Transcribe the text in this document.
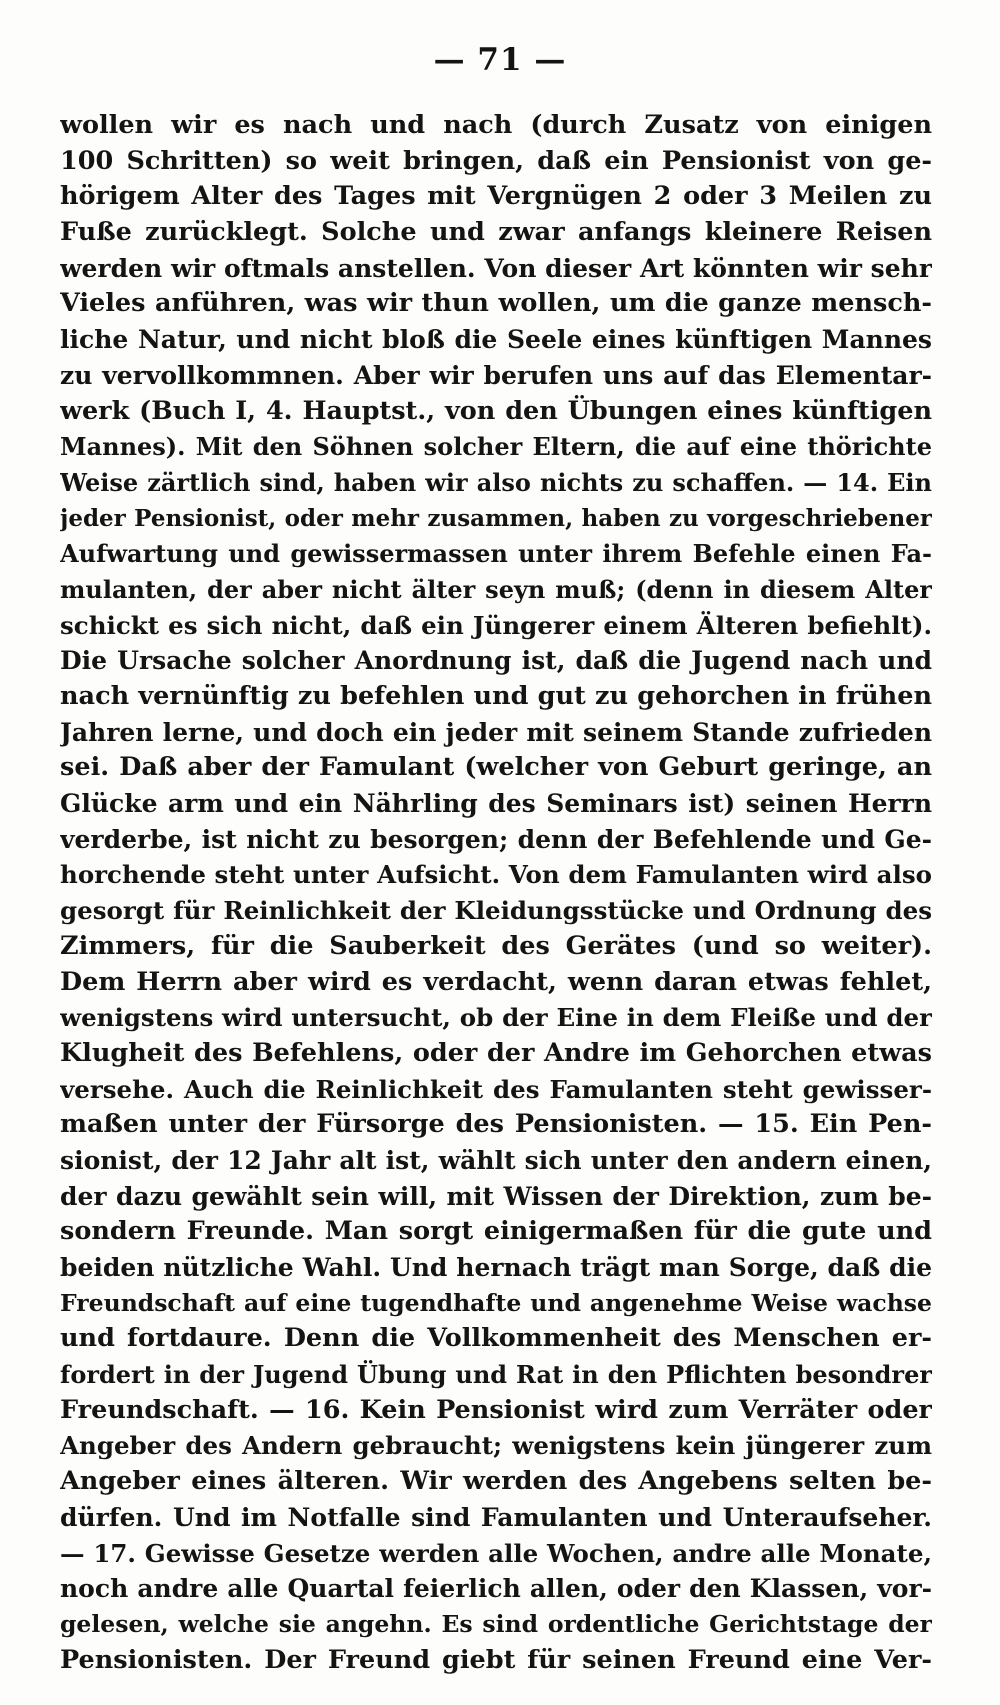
— 71 —
wollen wir es nach und nach (durch Zusatz von einigen
100 Schritten) so weit bringen, daß ein Pensionist von ge-
hörigem Alter des Tages mit Vergnügen 2 oder 3 Meilen zu
Fuße zurücklegt. Solche und zwar anfangs kleinere Reisen
werden wir oftmals anstellen. Von dieser Art könnten wir sehr
Vieles anführen, was wir thun wollen, um die ganze mensch-
liche Natur, und nicht bloß die Seele eines künftigen Mannes
zu vervollkommnen. Aber wir berufen uns auf das Elementar-
werk (Buch I, 4. Hauptst., von den Übungen eines künftigen
Mannes). Mit den Söhnen solcher Eltern, die auf eine thörichte
Weise zärtlich sind, haben wir also nichts zu schaffen. — 14. Ein
jeder Pensionist, oder mehr zusammen, haben zu vorgeschriebener
Aufwartung und gewissermassen unter ihrem Befehle einen Fa-
mulanten, der aber nicht älter seyn muß; (denn in diesem Alter
schickt es sich nicht, daß ein Jüngerer einem Älteren befiehlt).
Die Ursache solcher Anordnung ist, daß die Jugend nach und
nach vernünftig zu befehlen und gut zu gehorchen in frühen
Jahren lerne, und doch ein jeder mit seinem Stande zufrieden
sei. Daß aber der Famulant (welcher von Geburt geringe, an
Glücke arm und ein Nährling des Seminars ist) seinen Herrn
verderbe, ist nicht zu besorgen; denn der Befehlende und Ge-
horchende steht unter Aufsicht. Von dem Famulanten wird also
gesorgt für Reinlichkeit der Kleidungsstücke und Ordnung des
Zimmers, für die Sauberkeit des Gerätes (und so weiter).
Dem Herrn aber wird es verdacht, wenn daran etwas fehlet,
wenigstens wird untersucht, ob der Eine in dem Fleiße und der
Klugheit des Befehlens, oder der Andre im Gehorchen etwas
versehe. Auch die Reinlichkeit des Famulanten steht gewisser-
maßen unter der Fürsorge des Pensionisten. — 15. Ein Pen-
sionist, der 12 Jahr alt ist, wählt sich unter den andern einen,
der dazu gewählt sein will, mit Wissen der Direktion, zum be-
sondern Freunde. Man sorgt einigermaßen für die gute und
beiden nützliche Wahl. Und hernach trägt man Sorge, daß die
Freundschaft auf eine tugendhafte und angenehme Weise wachse
und fortdaure. Denn die Vollkommenheit des Menschen er-
fordert in der Jugend Übung und Rat in den Pflichten besondrer
Freundschaft. — 16. Kein Pensionist wird zum Verräter oder
Angeber des Andern gebraucht; wenigstens kein jüngerer zum
Angeber eines älteren. Wir werden des Angebens selten be-
dürfen. Und im Notfalle sind Famulanten und Unteraufseher.
— 17. Gewisse Gesetze werden alle Wochen, andre alle Monate,
noch andre alle Quartal feierlich allen, oder den Klassen, vor-
gelesen, welche sie angehn. Es sind ordentliche Gerichtstage der
Pensionisten. Der Freund giebt für seinen Freund eine Ver-
